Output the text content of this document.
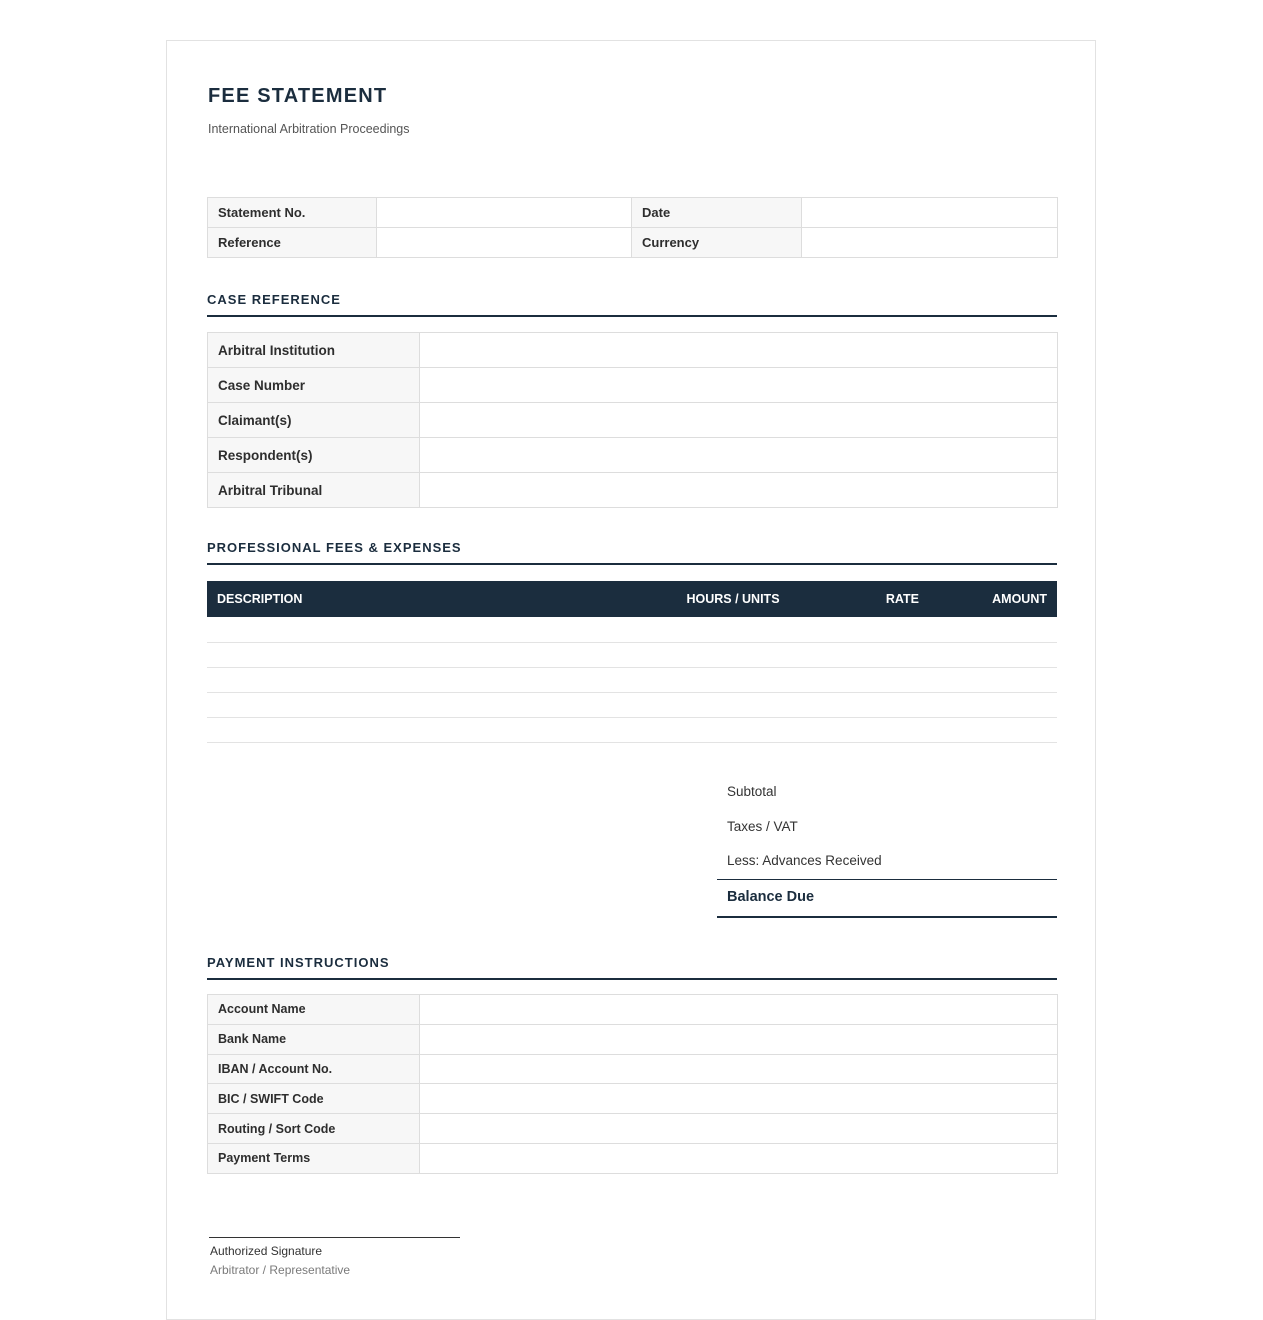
FEE STATEMENT
International Arbitration Proceedings
Statement No.		Date	
Reference		Currency	
CASE REFERENCE
Arbitral Institution	
Case Number	
Claimant(s)	
Respondent(s)	
Arbitral Tribunal	
PROFESSIONAL FEES & EXPENSES
DESCRIPTION	HOURS / UNITS	RATE	AMOUNT

Subtotal
Taxes / VAT
Less: Advances Received
Balance Due
PAYMENT INSTRUCTIONS
Account Name	
Bank Name	
IBAN / Account No.	
BIC / SWIFT Code	
Routing / Sort Code	
Payment Terms	
Authorized Signature
Arbitrator / Representative
